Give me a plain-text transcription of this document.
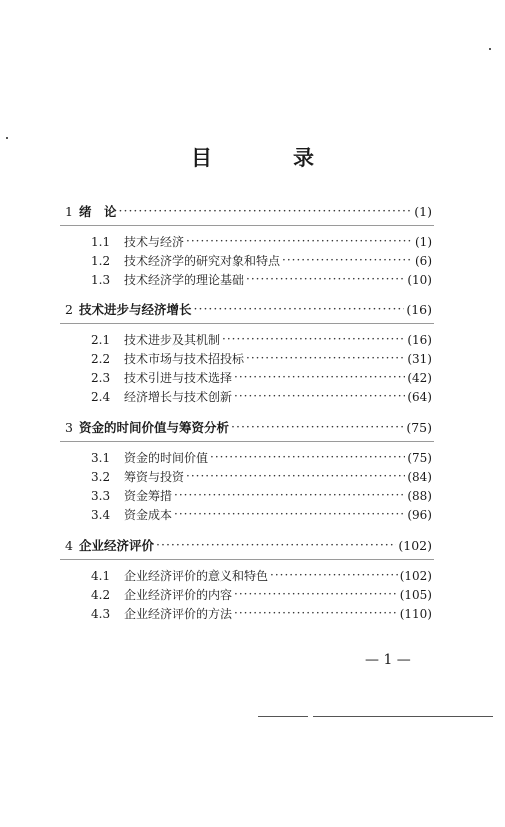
目　录
1 绪　论 ·····	(1)
1.1	技术与经济 ·····	(1)
1.2	技术经济学的研究对象和特点 ·····	(6)
1.3	技术经济学的理论基础 ·····	(10)
2 技术进步与经济增长 ·····	(16)
2.1	技术进步及其机制 ·····	(16)
2.2	技术市场与技术招投标 ·····	(31)
2.3	技术引进与技术选择 ·····	(42)
2.4	经济增长与技术创新 ·····	(64)
3 资金的时间价值与筹资分析 ·····	(75)
3.1	资金的时间价值 ·····	(75)
3.2	筹资与投资 ·····	(84)
3.3	资金筹措 ·····	(88)
3.4	资金成本 ·····	(96)
4 企业经济评价 ·····	(102)
4.1	企业经济评价的意义和特色 ·····	(102)
4.2	企业经济评价的内容 ·····	(105)
4.3	企业经济评价的方法 ·····	(110)
— 1 —
